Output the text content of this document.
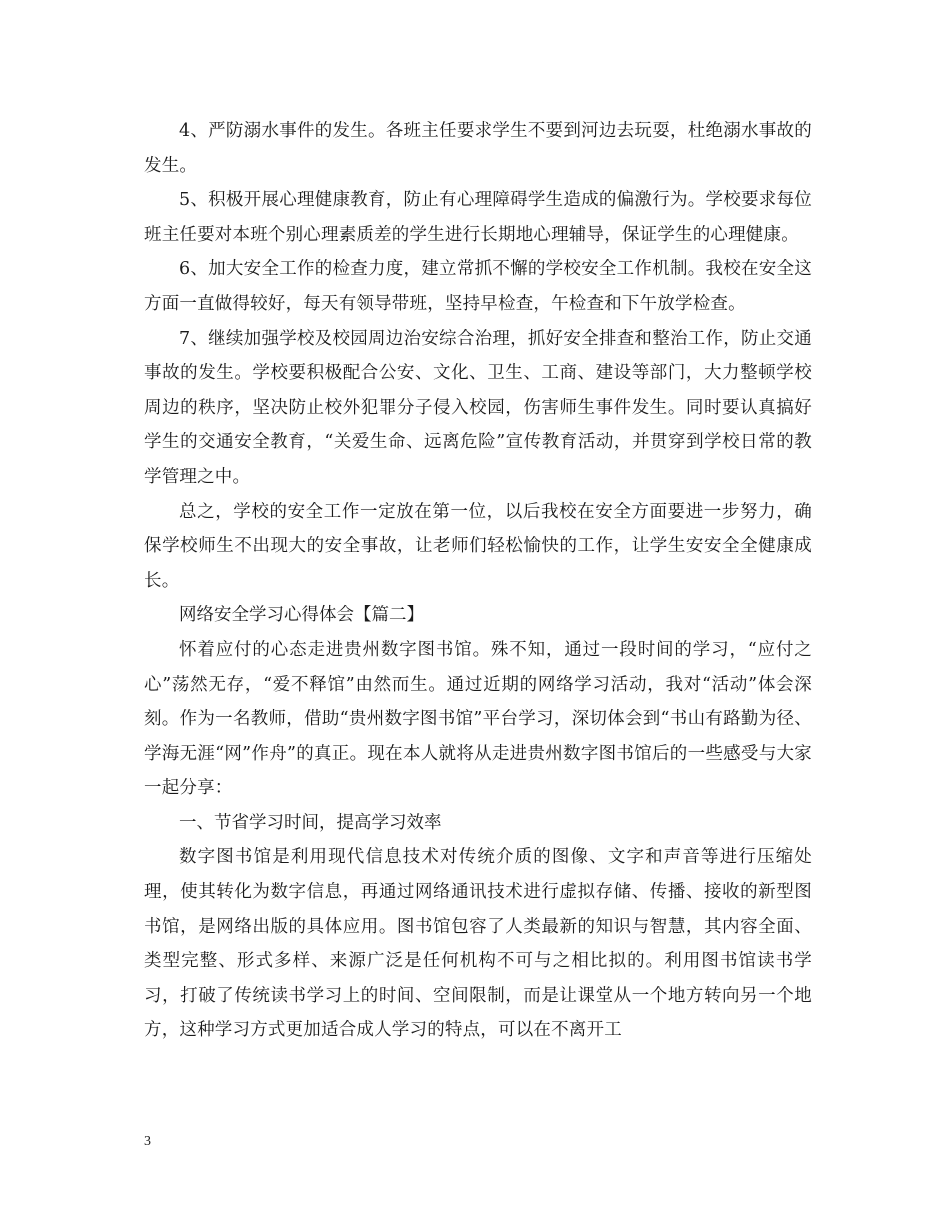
4、严防溺水事件的发生。各班主任要求学生不要到河边去玩耍，杜绝溺水事故的发生。

5、积极开展心理健康教育，防止有心理障碍学生造成的偏激行为。学校要求每位班主任要对本班个别心理素质差的学生进行长期地心理辅导，保证学生的心理健康。

6、加大安全工作的检查力度，建立常抓不懈的学校安全工作机制。我校在安全这方面一直做得较好，每天有领导带班，坚持早检查，午检查和下午放学检查。

7、继续加强学校及校园周边治安综合治理，抓好安全排查和整治工作，防止交通事故的发生。学校要积极配合公安、文化、卫生、工商、建设等部门，大力整顿学校周边的秩序，坚决防止校外犯罪分子侵入校园，伤害师生事件发生。同时要认真搞好学生的交通安全教育，“关爱生命、远离危险”宣传教育活动，并贯穿到学校日常的教学管理之中。

总之，学校的安全工作一定放在第一位，以后我校在安全方面要进一步努力，确保学校师生不出现大的安全事故，让老师们轻松愉快的工作，让学生安安全全健康成长。

网络安全学习心得体会【篇二】

怀着应付的心态走进贵州数字图书馆。殊不知，通过一段时间的学习，“应付之心”荡然无存，“爱不释馆”由然而生。通过近期的网络学习活动，我对“活动”体会深刻。作为一名教师，借助“贵州数字图书馆”平台学习，深切体会到“书山有路勤为径、学海无涯“网”作舟”的真正。现在本人就将从走进贵州数字图书馆后的一些感受与大家一起分享：

一、节省学习时间，提高学习效率

数字图书馆是利用现代信息技术对传统介质的图像、文字和声音等进行压缩处理，使其转化为数字信息，再通过网络通讯技术进行虚拟存储、传播、接收的新型图书馆，是网络出版的具体应用。图书馆包容了人类最新的知识与智慧，其内容全面、类型完整、形式多样、来源广泛是任何机构不可与之相比拟的。利用图书馆读书学习，打破了传统读书学习上的时间、空间限制，而是让课堂从一个地方转向另一个地方，这种学习方式更加适合成人学习的特点，可以在不离开工

3
